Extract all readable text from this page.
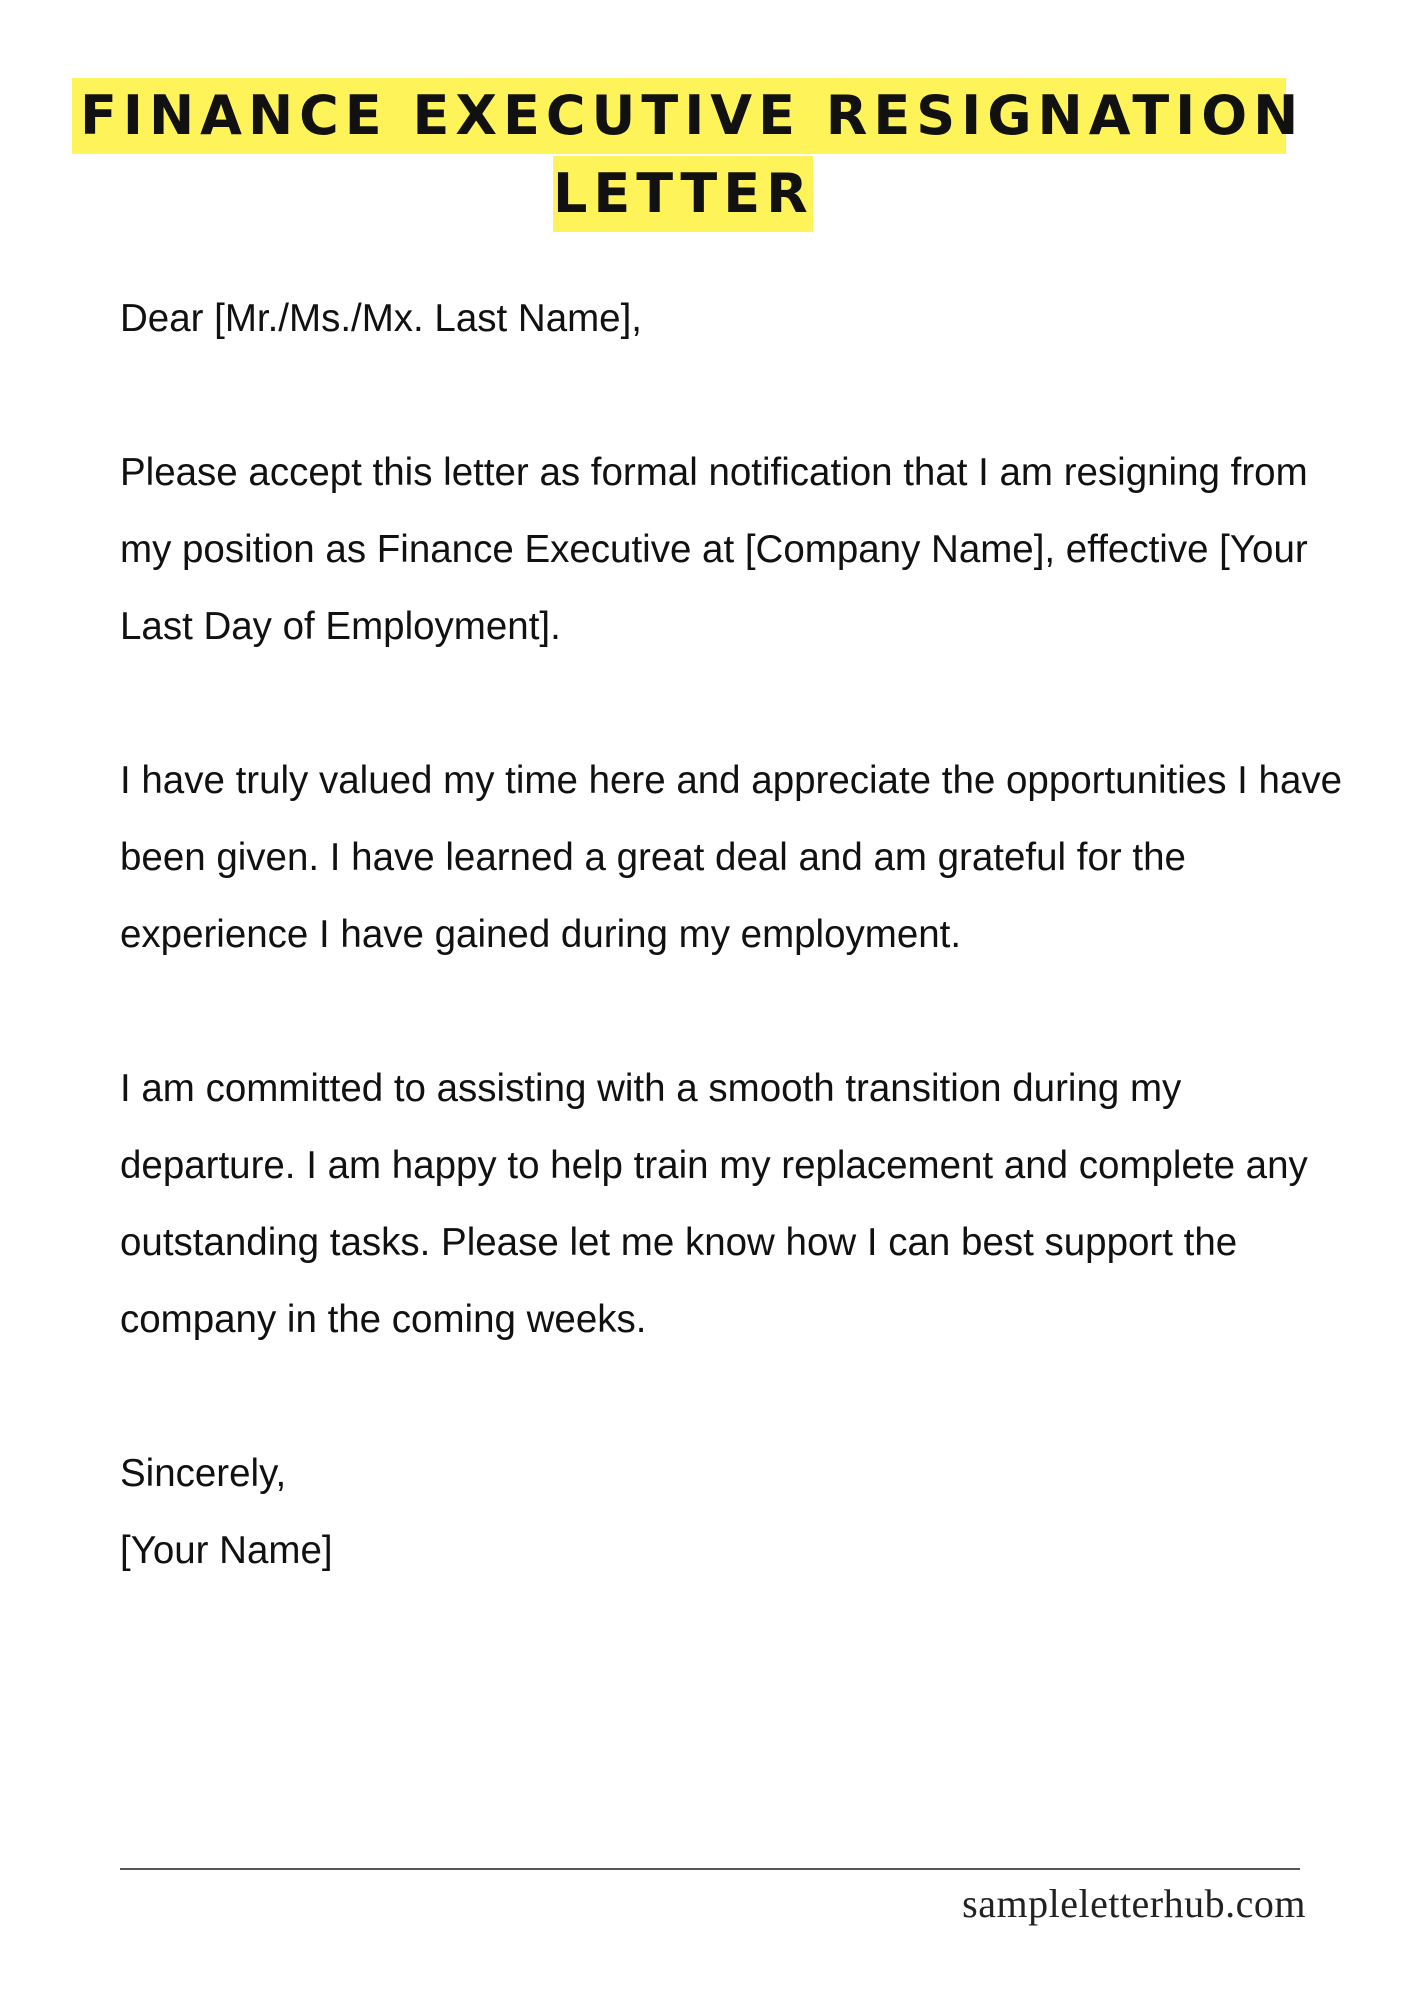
FINANCE EXECUTIVE RESIGNATION
LETTER

Dear [Mr./Ms./Mx. Last Name],

Please accept this letter as formal notification that I am resigning from my position as Finance Executive at [Company Name], effective [Your Last Day of Employment].

I have truly valued my time here and appreciate the opportunities I have been given. I have learned a great deal and am grateful for the experience I have gained during my employment.

I am committed to assisting with a smooth transition during my departure. I am happy to help train my replacement and complete any outstanding tasks. Please let me know how I can best support the company in the coming weeks.

Sincerely,

[Your Name]

sampleletterhub.com
